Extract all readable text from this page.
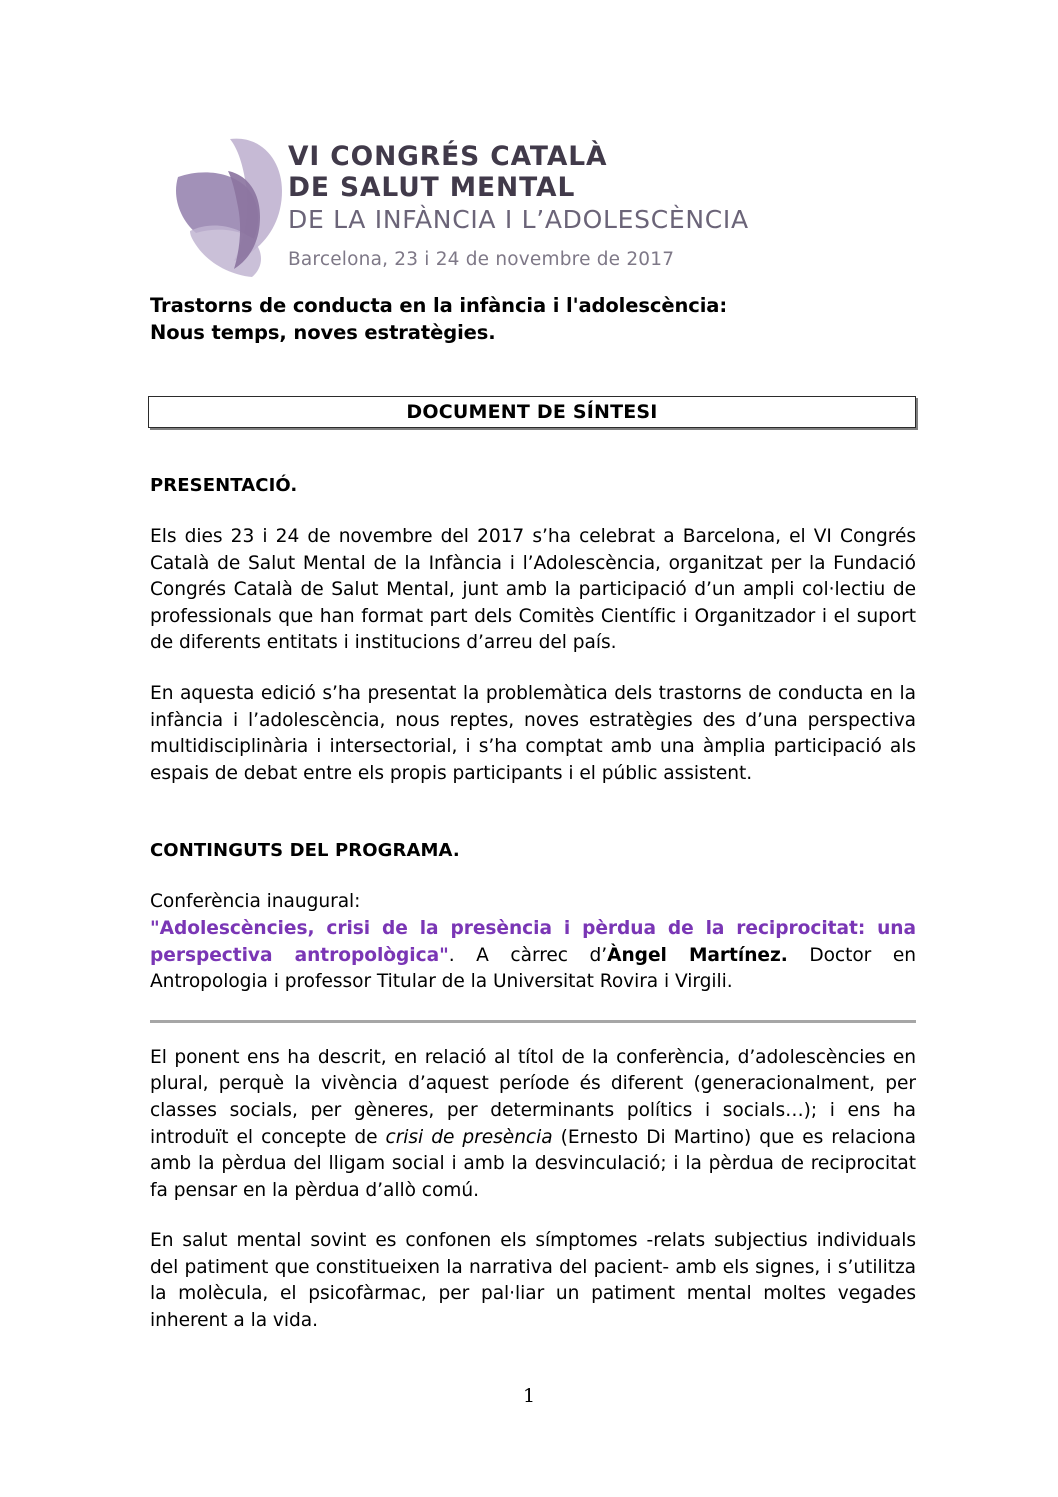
VI CONGRÉS CATALÀ
DE SALUT MENTAL
DE LA INFÀNCIA I L’ADOLESCÈNCIA
Barcelona, 23 i 24 de novembre de 2017
Trastorns de conducta en la infància i l'adolescència:
Nous temps, noves estratègies.
DOCUMENT DE SÍNTESI
PRESENTACIÓ.

Els dies 23 i 24 de novembre del 2017 s’ha celebrat a Barcelona, el VI Congrés Català de Salut Mental de la Infància i l’Adolescència, organitzat per la Fundació Congrés Català de Salut Mental, junt amb la participació d’un ampli col·lectiu de professionals que han format part dels Comitès Científic i Organitzador i el suport de diferents entitats i institucions d’arreu del país.

En aquesta edició s’ha presentat la problemàtica dels trastorns de conducta en la infància i l’adolescència, nous reptes, noves estratègies des d’una perspectiva multidisciplinària i intersectorial, i s’ha comptat amb una àmplia participació als espais de debat entre els propis participants i el públic assistent.

CONTINGUTS DEL PROGRAMA.

Conferència inaugural:

"Adolescències, crisi de la presència i pèrdua de la reciprocitat: una perspectiva antropològica". A càrrec d’Àngel Martínez. Doctor en Antropologia i professor Titular de la Universitat Rovira i Virgili.

El ponent ens ha descrit, en relació al títol de la conferència, d’adolescències en plural, perquè la vivència d’aquest període és diferent (generacionalment, per classes socials, per gèneres, per determinants polítics i socials…); i ens ha introduït el concepte de crisi de presència (Ernesto Di Martino) que es relaciona amb la pèrdua del lligam social i amb la desvinculació; i la pèrdua de reciprocitat fa pensar en la pèrdua d’allò comú.

En salut mental sovint es confonen els símptomes -relats subjectius individuals del patiment que constitueixen la narrativa del pacient- amb els signes, i s’utilitza la molècula, el psicofàrmac, per pal·liar un patiment mental moltes vegades inherent a la vida.

1
